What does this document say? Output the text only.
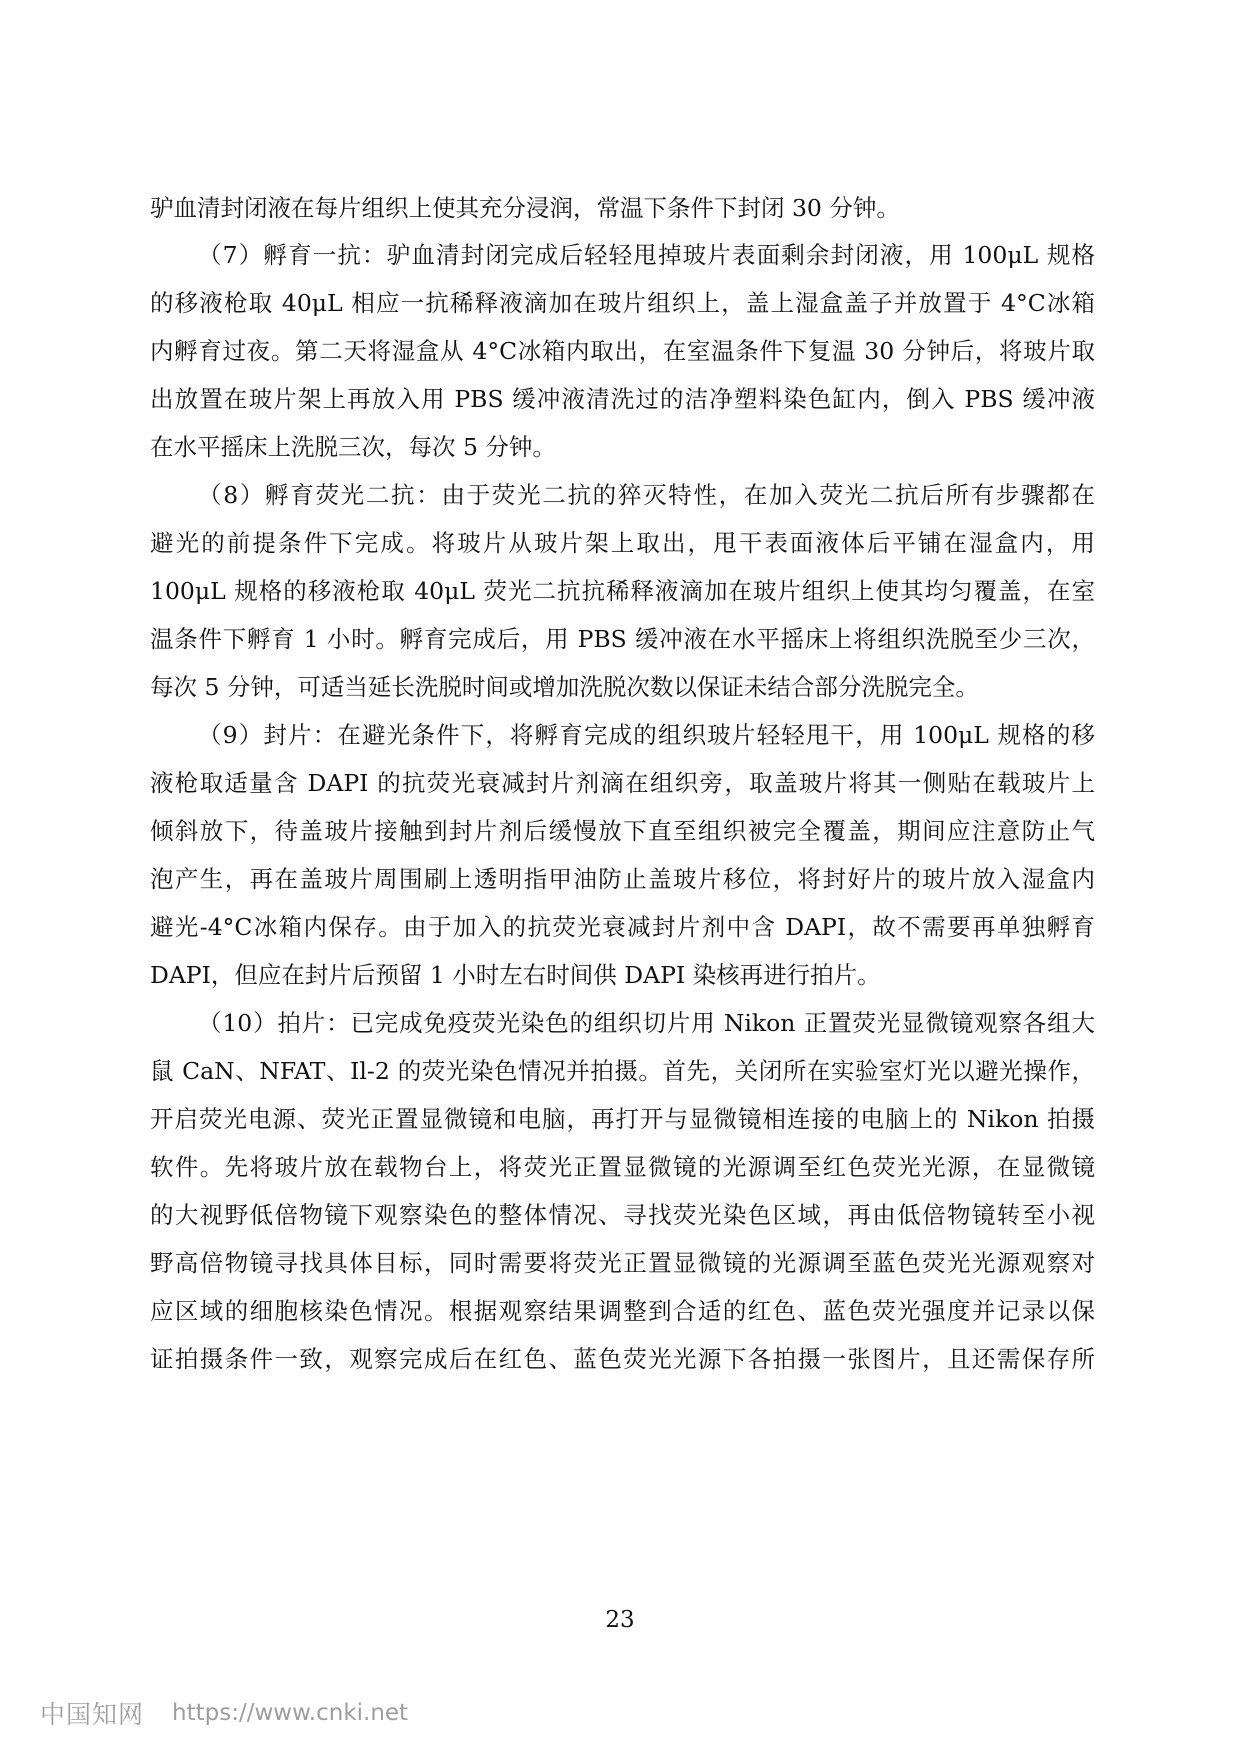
驴血清封闭液在每片组织上使其充分浸润，常温下条件下封闭 30 分钟。
（7）孵育一抗：驴血清封闭完成后轻轻甩掉玻片表面剩余封闭液，用 100μL 规格
的移液枪取 40μL 相应一抗稀释液滴加在玻片组织上，盖上湿盒盖子并放置于 4°C冰箱
内孵育过夜。第二天将湿盒从 4°C冰箱内取出，在室温条件下复温 30 分钟后，将玻片取
出放置在玻片架上再放入用 PBS 缓冲液清洗过的洁净塑料染色缸内，倒入 PBS 缓冲液
在水平摇床上洗脱三次，每次 5 分钟。
（8）孵育荧光二抗：由于荧光二抗的猝灭特性，在加入荧光二抗后所有步骤都在
避光的前提条件下完成。将玻片从玻片架上取出，甩干表面液体后平铺在湿盒内，用
100μL 规格的移液枪取 40μL 荧光二抗抗稀释液滴加在玻片组织上使其均匀覆盖，在室
温条件下孵育 1 小时。孵育完成后，用 PBS 缓冲液在水平摇床上将组织洗脱至少三次，
每次 5 分钟，可适当延长洗脱时间或增加洗脱次数以保证未结合部分洗脱完全。
（9）封片：在避光条件下，将孵育完成的组织玻片轻轻甩干，用 100μL 规格的移
液枪取适量含 DAPI 的抗荧光衰减封片剂滴在组织旁，取盖玻片将其一侧贴在载玻片上
倾斜放下，待盖玻片接触到封片剂后缓慢放下直至组织被完全覆盖，期间应注意防止气
泡产生，再在盖玻片周围刷上透明指甲油防止盖玻片移位，将封好片的玻片放入湿盒内
避光-4°C冰箱内保存。由于加入的抗荧光衰减封片剂中含 DAPI，故不需要再单独孵育
DAPI，但应在封片后预留 1 小时左右时间供 DAPI 染核再进行拍片。
（10）拍片：已完成免疫荧光染色的组织切片用 Nikon 正置荧光显微镜观察各组大
鼠 CaN、NFAT、Il-2 的荧光染色情况并拍摄。首先，关闭所在实验室灯光以避光操作，
开启荧光电源、荧光正置显微镜和电脑，再打开与显微镜相连接的电脑上的 Nikon 拍摄
软件。先将玻片放在载物台上，将荧光正置显微镜的光源调至红色荧光光源，在显微镜
的大视野低倍物镜下观察染色的整体情况、寻找荧光染色区域，再由低倍物镜转至小视
野高倍物镜寻找具体目标，同时需要将荧光正置显微镜的光源调至蓝色荧光光源观察对
应区域的细胞核染色情况。根据观察结果调整到合适的红色、蓝色荧光强度并记录以保
证拍摄条件一致，观察完成后在红色、蓝色荧光光源下各拍摄一张图片，且还需保存所
23
中国知网 https://www.cnki.net
